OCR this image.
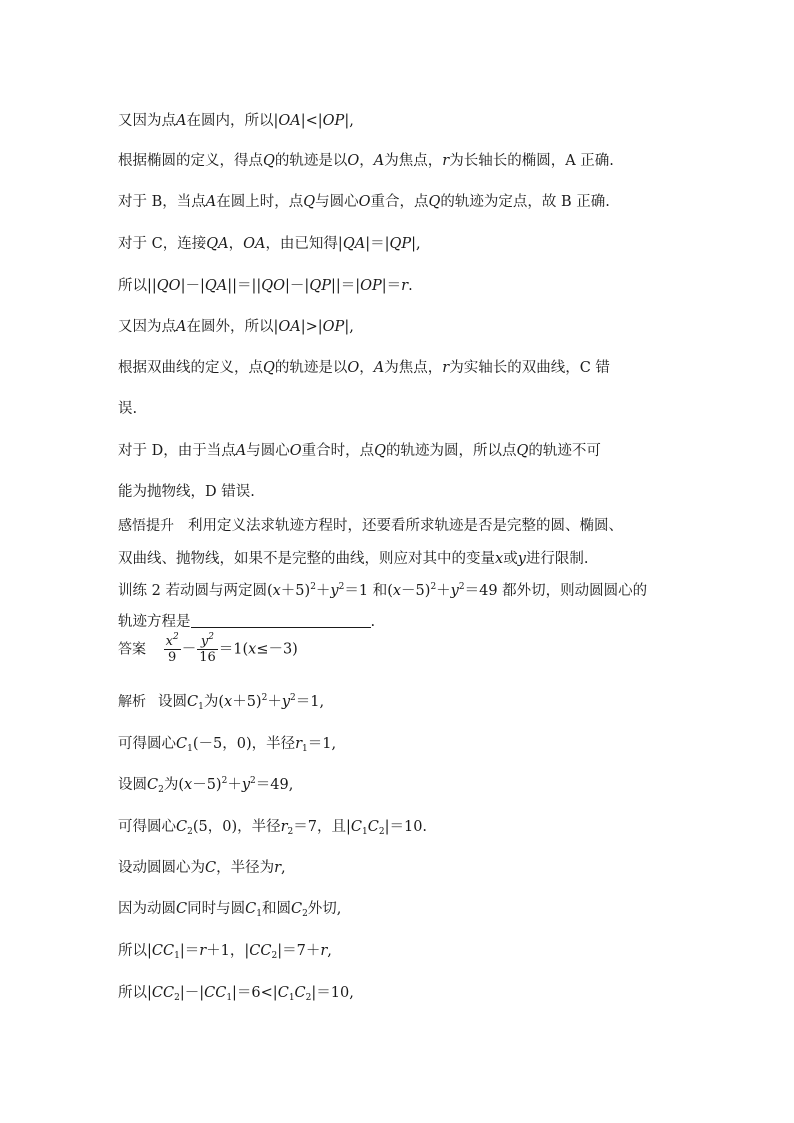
又因为点A在圆内，所以|OA|<|OP|,
根据椭圆的定义，得点Q的轨迹是以O，A为焦点，r为长轴长的椭圆，A 正确.
对于 B，当点A在圆上时，点Q与圆心O重合，点Q的轨迹为定点，故 B 正确.
对于 C，连接QA，OA，由已知得|QA|＝|QP|,
所以||QO|－|QA||＝||QO|－|QP||＝|OP|＝r.
又因为点A在圆外，所以|OA|>|OP|,
根据双曲线的定义，点Q的轨迹是以O，A为焦点，r为实轴长的双曲线，C 错
误.
对于 D，由于当点A与圆心O重合时，点Q的轨迹为圆，所以点Q的轨迹不可
能为抛物线，D 错误.
感悟提升 利用定义法求轨迹方程时，还要看所求轨迹是否是完整的圆、椭圆、
双曲线、抛物线，如果不是完整的曲线，则应对其中的变量x或y进行限制.
训练 2 若动圆与两定圆$(x+5)^2+y^2=1$ 和$(x-5)^2+y^2=49$ 都外切，则动圆圆心的
轨迹方程是	.
答案 $\frac{x^2}{9} - \frac{y^2}{16} =1(x\le-3)$
解析 设圆$C_1$为$(x+5)^2+y^2=1$,
可得圆心$C_1(-5$，0)，半径$r_1=1$,
设圆$C_2$为$(x-5)^2+y^2=49$,
可得圆心$C_2(5$，0)，半径$r_2=7$，且$|C_1C_2|=10$.
设动圆圆心为C，半径为r,
因为动圆C同时与圆$C_1$和圆$C_2$外切,
所以$|CC_1|=r+1$，$|CC_2|=7+r$,
所以$|CC_2|-|CC_1|=6<|C_1C_2|=10$,
